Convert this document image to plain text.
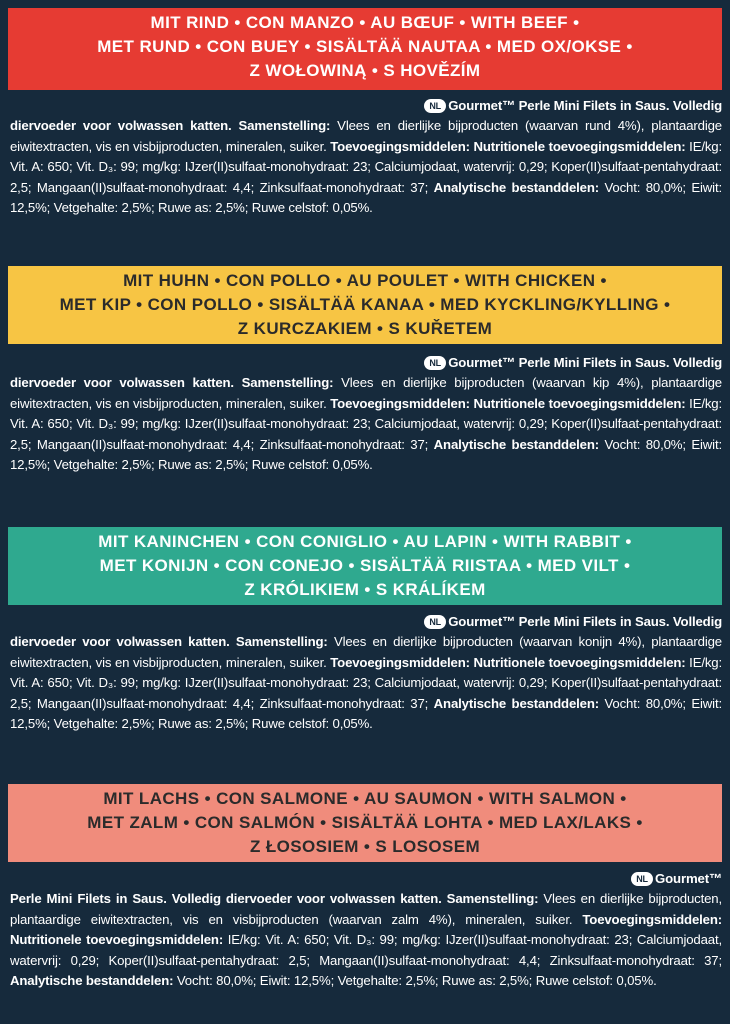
MIT RIND • CON MANZO • AU BŒUF • WITH BEEF •
MET RUND • CON BUEY • SISÄLTÄÄ NAUTAA • MED OX/OKSE •
Z WOŁOWINĄ • S HOVĚZÍM
NL Gourmet™ Perle Mini Filets in Saus. Volledig
diervoeder voor volwassen katten. Samenstelling: Vlees en dierlijke bijproducten (waarvan rund 4%), plantaardige eiwitextracten, vis en visbijproducten, mineralen, suiker. Toevoegingsmiddelen: Nutritionele toevoegingsmiddelen: IE/kg: Vit. A: 650; Vit. D₃: 99; mg/kg: IJzer(II)sulfaat-monohydraat: 23; Calciumjodaat, watervrij: 0,29; Koper(II)sulfaat-pentahydraat: 2,5; Mangaan(II)sulfaat-monohydraat: 4,4; Zinksulfaat-monohydraat: 37; Analytische bestanddelen: Vocht: 80,0%; Eiwit: 12,5%; Vetgehalte: 2,5%; Ruwe as: 2,5%; Ruwe celstof: 0,05%.
MIT HUHN • CON POLLO • AU POULET • WITH CHICKEN •
MET KIP • CON POLLO • SISÄLTÄÄ KANAA • MED KYCKLING/KYLLING •
Z KURCZAKIEM • S KUŘETEM
NL Gourmet™ Perle Mini Filets in Saus. Volledig
diervoeder voor volwassen katten. Samenstelling: Vlees en dierlijke bijproducten (waarvan kip 4%), plantaardige eiwitextracten, vis en visbijproducten, mineralen, suiker. Toevoegingsmiddelen: Nutritionele toevoegingsmiddelen: IE/kg: Vit. A: 650; Vit. D₃: 99; mg/kg: IJzer(II)sulfaat-monohydraat: 23; Calciumjodaat, watervrij: 0,29; Koper(II)sulfaat-pentahydraat: 2,5; Mangaan(II)sulfaat-monohydraat: 4,4; Zinksulfaat-monohydraat: 37; Analytische bestanddelen: Vocht: 80,0%; Eiwit: 12,5%; Vetgehalte: 2,5%; Ruwe as: 2,5%; Ruwe celstof: 0,05%.
MIT KANINCHEN • CON CONIGLIO • AU LAPIN • WITH RABBIT •
MET KONIJN • CON CONEJO • SISÄLTÄÄ RIISTAA • MED VILT •
Z KRÓLIKIEM • S KRÁLÍKEM
NL Gourmet™ Perle Mini Filets in Saus. Volledig
diervoeder voor volwassen katten. Samenstelling: Vlees en dierlijke bijproducten (waarvan konijn 4%), plantaardige eiwitextracten, vis en visbijproducten, mineralen, suiker. Toevoegingsmiddelen: Nutritionele toevoegingsmiddelen: IE/kg: Vit. A: 650; Vit. D₃: 99; mg/kg: IJzer(II)sulfaat-monohydraat: 23; Calciumjodaat, watervrij: 0,29; Koper(II)sulfaat-pentahydraat: 2,5; Mangaan(II)sulfaat-monohydraat: 4,4; Zinksulfaat-monohydraat: 37; Analytische bestanddelen: Vocht: 80,0%; Eiwit: 12,5%; Vetgehalte: 2,5%; Ruwe as: 2,5%; Ruwe celstof: 0,05%.
MIT LACHS • CON SALMONE • AU SAUMON • WITH SALMON •
MET ZALM • CON SALMÓN • SISÄLTÄÄ LOHTA • MED LAX/LAKS •
Z ŁOSOSIEM • S LOSOSEM
NL Gourmet™
Perle Mini Filets in Saus. Volledig diervoeder voor volwassen katten. Samenstelling: Vlees en dierlijke bijproducten, plantaardige eiwitextracten, vis en visbijproducten (waarvan zalm 4%), mineralen, suiker. Toevoegingsmiddelen: Nutritionele toevoegingsmiddelen: IE/kg: Vit. A: 650; Vit. D₃: 99; mg/kg: IJzer(II)sulfaat-monohydraat: 23; Calciumjodaat, watervrij: 0,29; Koper(II)sulfaat-pentahydraat: 2,5; Mangaan(II)sulfaat-monohydraat: 4,4; Zinksulfaat-monohydraat: 37; Analytische bestanddelen: Vocht: 80,0%; Eiwit: 12,5%; Vetgehalte: 2,5%; Ruwe as: 2,5%; Ruwe celstof: 0,05%.
